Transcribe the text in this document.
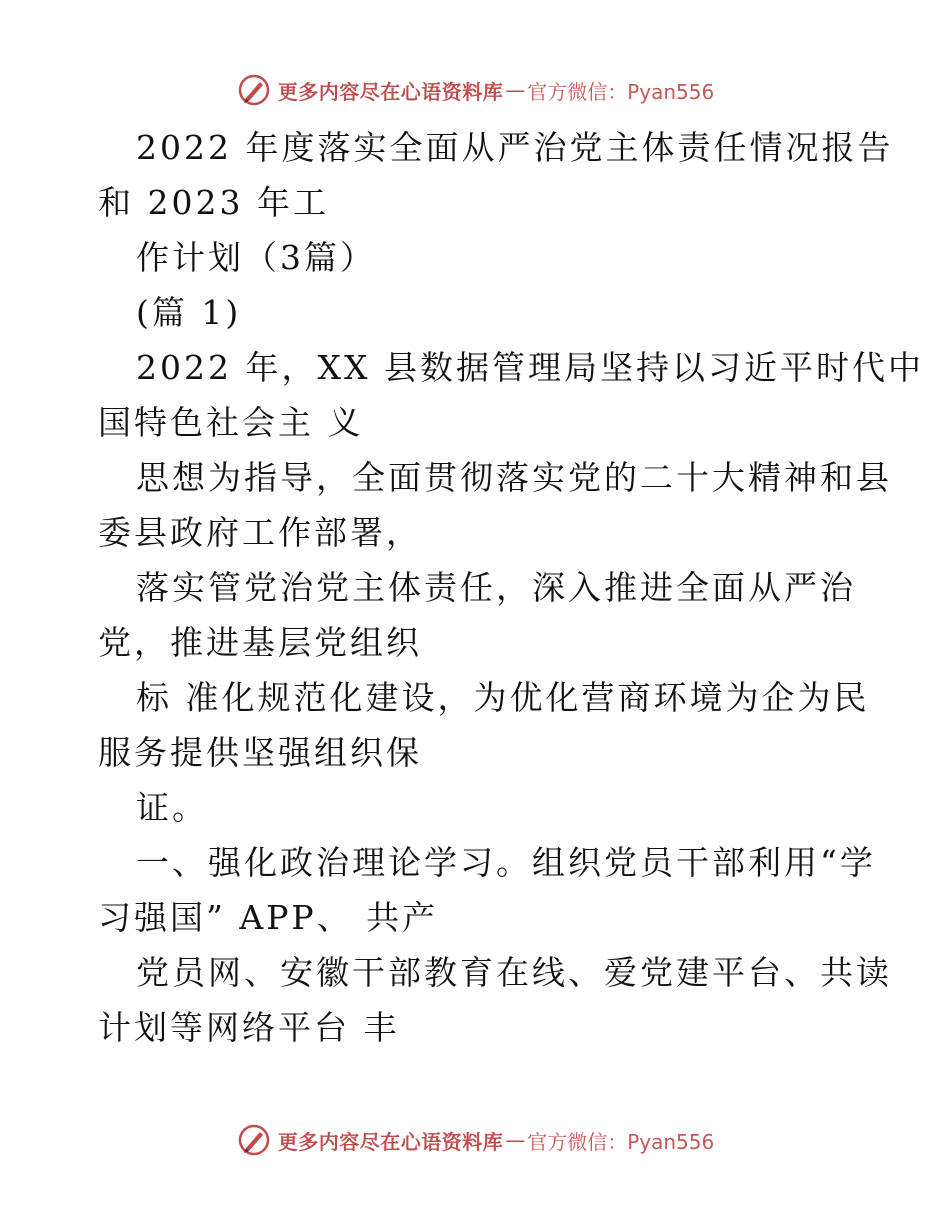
更多内容尽在心语资料库 — 官方微信：Pyan556
2022 年度落实全面从严治党主体责任情况报告
和 2023 年工
作计划（3篇）
(篇 1)
2022 年，XX 县数据管理局坚持以习近平时代中
国特色社会主 义
思想为指导，全面贯彻落实党的二十大精神和县
委县政府工作部署，
落实管党治党主体责任，深入推进全面从严治
党，推进基层党组织
标 准化规范化建设，为优化营商环境为企为民
服务提供坚强组织保
证。
一、强化政治理论学习。组织党员干部利用“学
习强国” APP、 共产
党员网、安徽干部教育在线、爱党建平台、共读
计划等网络平台 丰
更多内容尽在心语资料库 — 官方微信：Pyan556
